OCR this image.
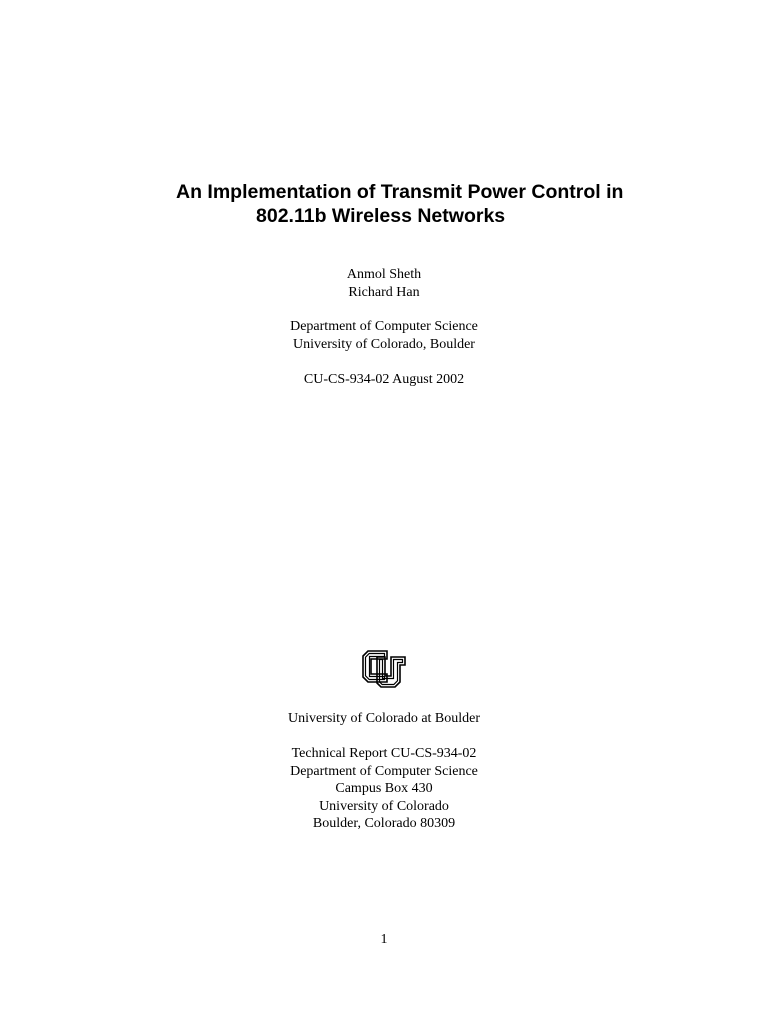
An Implementation of Transmit Power Control in
802.11b Wireless Networks
Anmol Sheth
Richard Han
Department of Computer Science
University of Colorado, Boulder
CU-CS-934-02 August 2002
University of Colorado at Boulder
Technical Report CU-CS-934-02
Department of Computer Science
Campus Box 430
University of Colorado
Boulder, Colorado 80309
1
